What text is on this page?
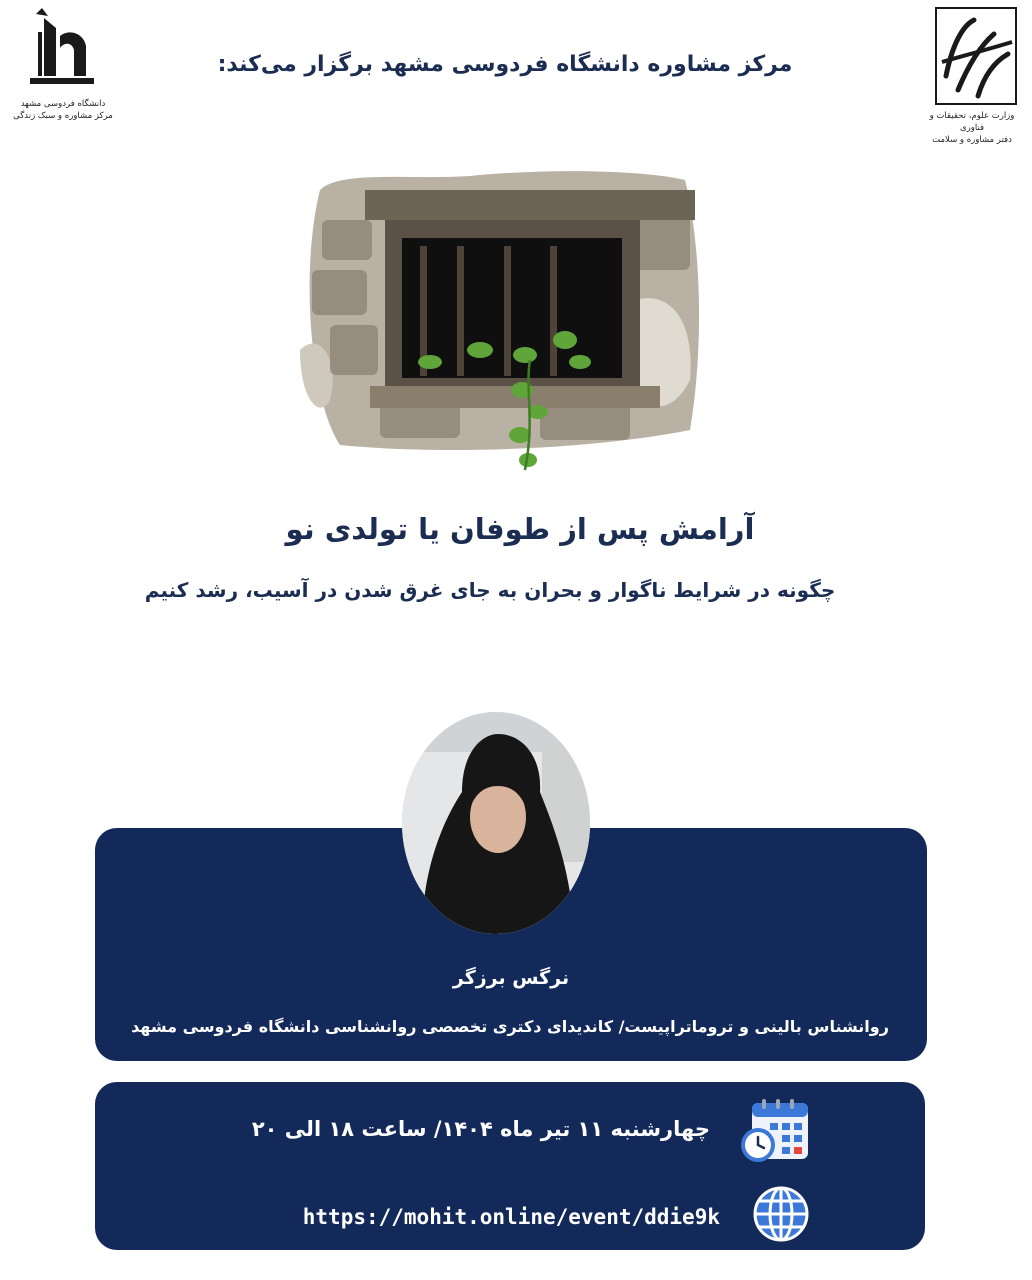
مرکز مشاوره دانشگاه فردوسی مشهد برگزار می‌کند:
دانشگاه فردوسی مشهد
مرکز مشاوره و سبک زندگی	وزارت علوم، تحقیقات و فناوری
دفتر مشاوره و سلامت
آرامش پس از طوفان یا تولدی نو
چگونه در شرایط ناگوار و بحران به جای غرق شدن در آسیب، رشد کنیم
نرگس برزگر
روانشناس بالینی و تروماتراپیست/ کاندیدای دکتری تخصصی روانشناسی دانشگاه فردوسی مشهد
چهارشنبه ۱۱ تیر ماه ۱۴۰۴/ ساعت ۱۸ الی ۲۰
https://mohit.online/event/ddie9k
